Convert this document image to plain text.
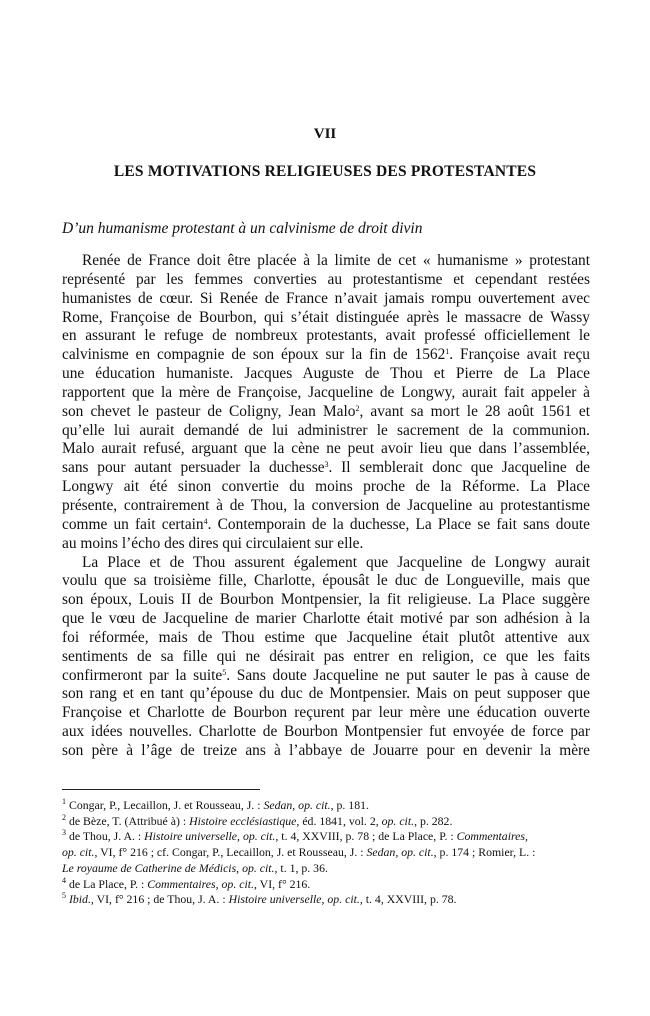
VII
LES MOTIVATIONS RELIGIEUSES DES PROTESTANTES
D’un humanisme protestant à un calvinisme de droit divin
Renée de France doit être placée à la limite de cet « humanisme » protestant
représenté par les femmes converties au protestantisme et cependant restées
humanistes de cœur. Si Renée de France n’avait jamais rompu ouvertement avec
Rome, Françoise de Bourbon, qui s’était distinguée après le massacre de Wassy
en assurant le refuge de nombreux protestants, avait professé officiellement le
calvinisme en compagnie de son époux sur la fin de 1562$^1$. Françoise avait reçu
une éducation humaniste. Jacques Auguste de Thou et Pierre de La Place
rapportent que la mère de Françoise, Jacqueline de Longwy, aurait fait appeler à
son chevet le pasteur de Coligny, Jean Malo$^2$, avant sa mort le 28 août 1561 et
qu’elle lui aurait demandé de lui administrer le sacrement de la communion.
Malo aurait refusé, arguant que la cène ne peut avoir lieu que dans l’assemblée,
sans pour autant persuader la duchesse$^3$. Il semblerait donc que Jacqueline de
Longwy ait été sinon convertie du moins proche de la Réforme. La Place
présente, contrairement à de Thou, la conversion de Jacqueline au protestantisme
comme un fait certain$^4$. Contemporain de la duchesse, La Place se fait sans doute
au moins l’écho des dires qui circulaient sur elle.
La Place et de Thou assurent également que Jacqueline de Longwy aurait
voulu que sa troisième fille, Charlotte, épousât le duc de Longueville, mais que
son époux, Louis II de Bourbon Montpensier, la fit religieuse. La Place suggère
que le vœu de Jacqueline de marier Charlotte était motivé par son adhésion à la
foi réformée, mais de Thou estime que Jacqueline était plutôt attentive aux
sentiments de sa fille qui ne désirait pas entrer en religion, ce que les faits
confirmeront par la suite$^5$. Sans doute Jacqueline ne put sauter le pas à cause de
son rang et en tant qu’épouse du duc de Montpensier. Mais on peut supposer que
Françoise et Charlotte de Bourbon reçurent par leur mère une éducation ouverte
aux idées nouvelles. Charlotte de Bourbon Montpensier fut envoyée de force par
son père à l’âge de treize ans à l’abbaye de Jouarre pour en devenir la mère
$^1$ Congar, P., Lecaillon, J. et Rousseau, J. : Sedan, op. cit., p. 181.
$^2$ de Bèze, T. (Attribué à) : Histoire ecclésiastique, éd. 1841, vol. 2, op. cit., p. 282.
$^3$ de Thou, J. A. : Histoire universelle, op. cit., t. 4, XXVIII, p. 78 ; de La Place, P. : Commentaires,
op. cit., VI, f° 216 ; cf. Congar, P., Lecaillon, J. et Rousseau, J. : Sedan, op. cit., p. 174 ; Romier, L. :
Le royaume de Catherine de Médicis, op. cit., t. 1, p. 36.
$^4$ de La Place, P. : Commentaires, op. cit., VI, f° 216.
$^5$ Ibid., VI, f° 216 ; de Thou, J. A. : Histoire universelle, op. cit., t. 4, XXVIII, p. 78.
